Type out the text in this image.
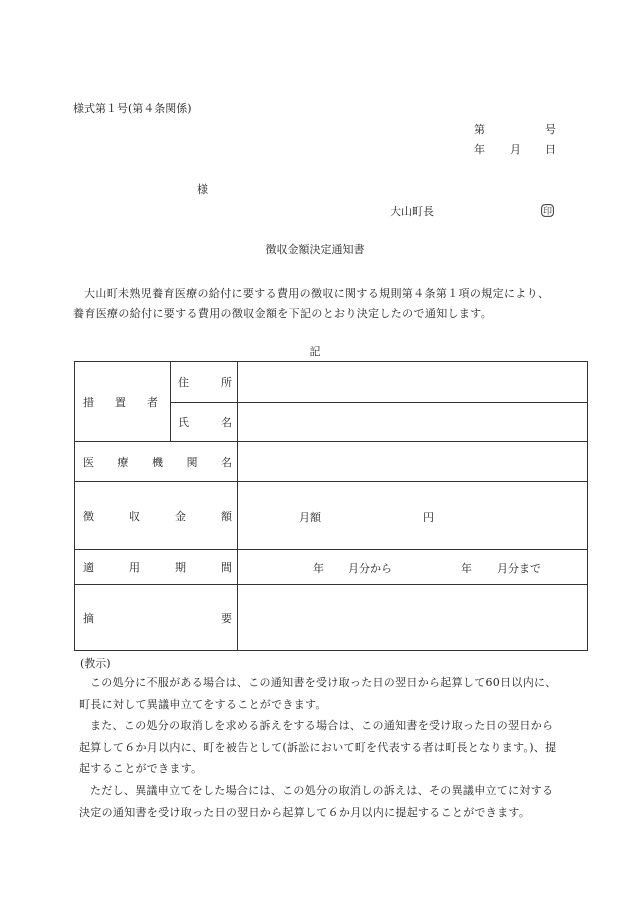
様式第１号(第４条関係)
第	号
年 月 日
様
大山町長	印
徴収金額決定通知書
大山町未熟児養育医療の給付に要する費用の徴収に関する規則第４条第１項の規定により、養育医療の給付に要する費用の徴収金額を下記のとおり決定したので通知します。
記
措 置 者	住 所	

	氏 名	

医 療 機 関 名		

徴 収 金 額		月額 円

適 用 期 間		年 月分から 年 月分まで

摘 要		

(教示)

この処分に不服がある場合は、この通知書を受け取った日の翌日から起算して60日以内に、町長に対して異議申立てをすることができます。

また、この処分の取消しを求める訴えをする場合は、この通知書を受け取った日の翌日から起算して６か月以内に、町を被告として(訴訟において町を代表する者は町長となります。)、提起することができます。

ただし、異議申立てをした場合には、この処分の取消しの訴えは、その異議申立てに対する決定の通知書を受け取った日の翌日から起算して６か月以内に提起することができます。
